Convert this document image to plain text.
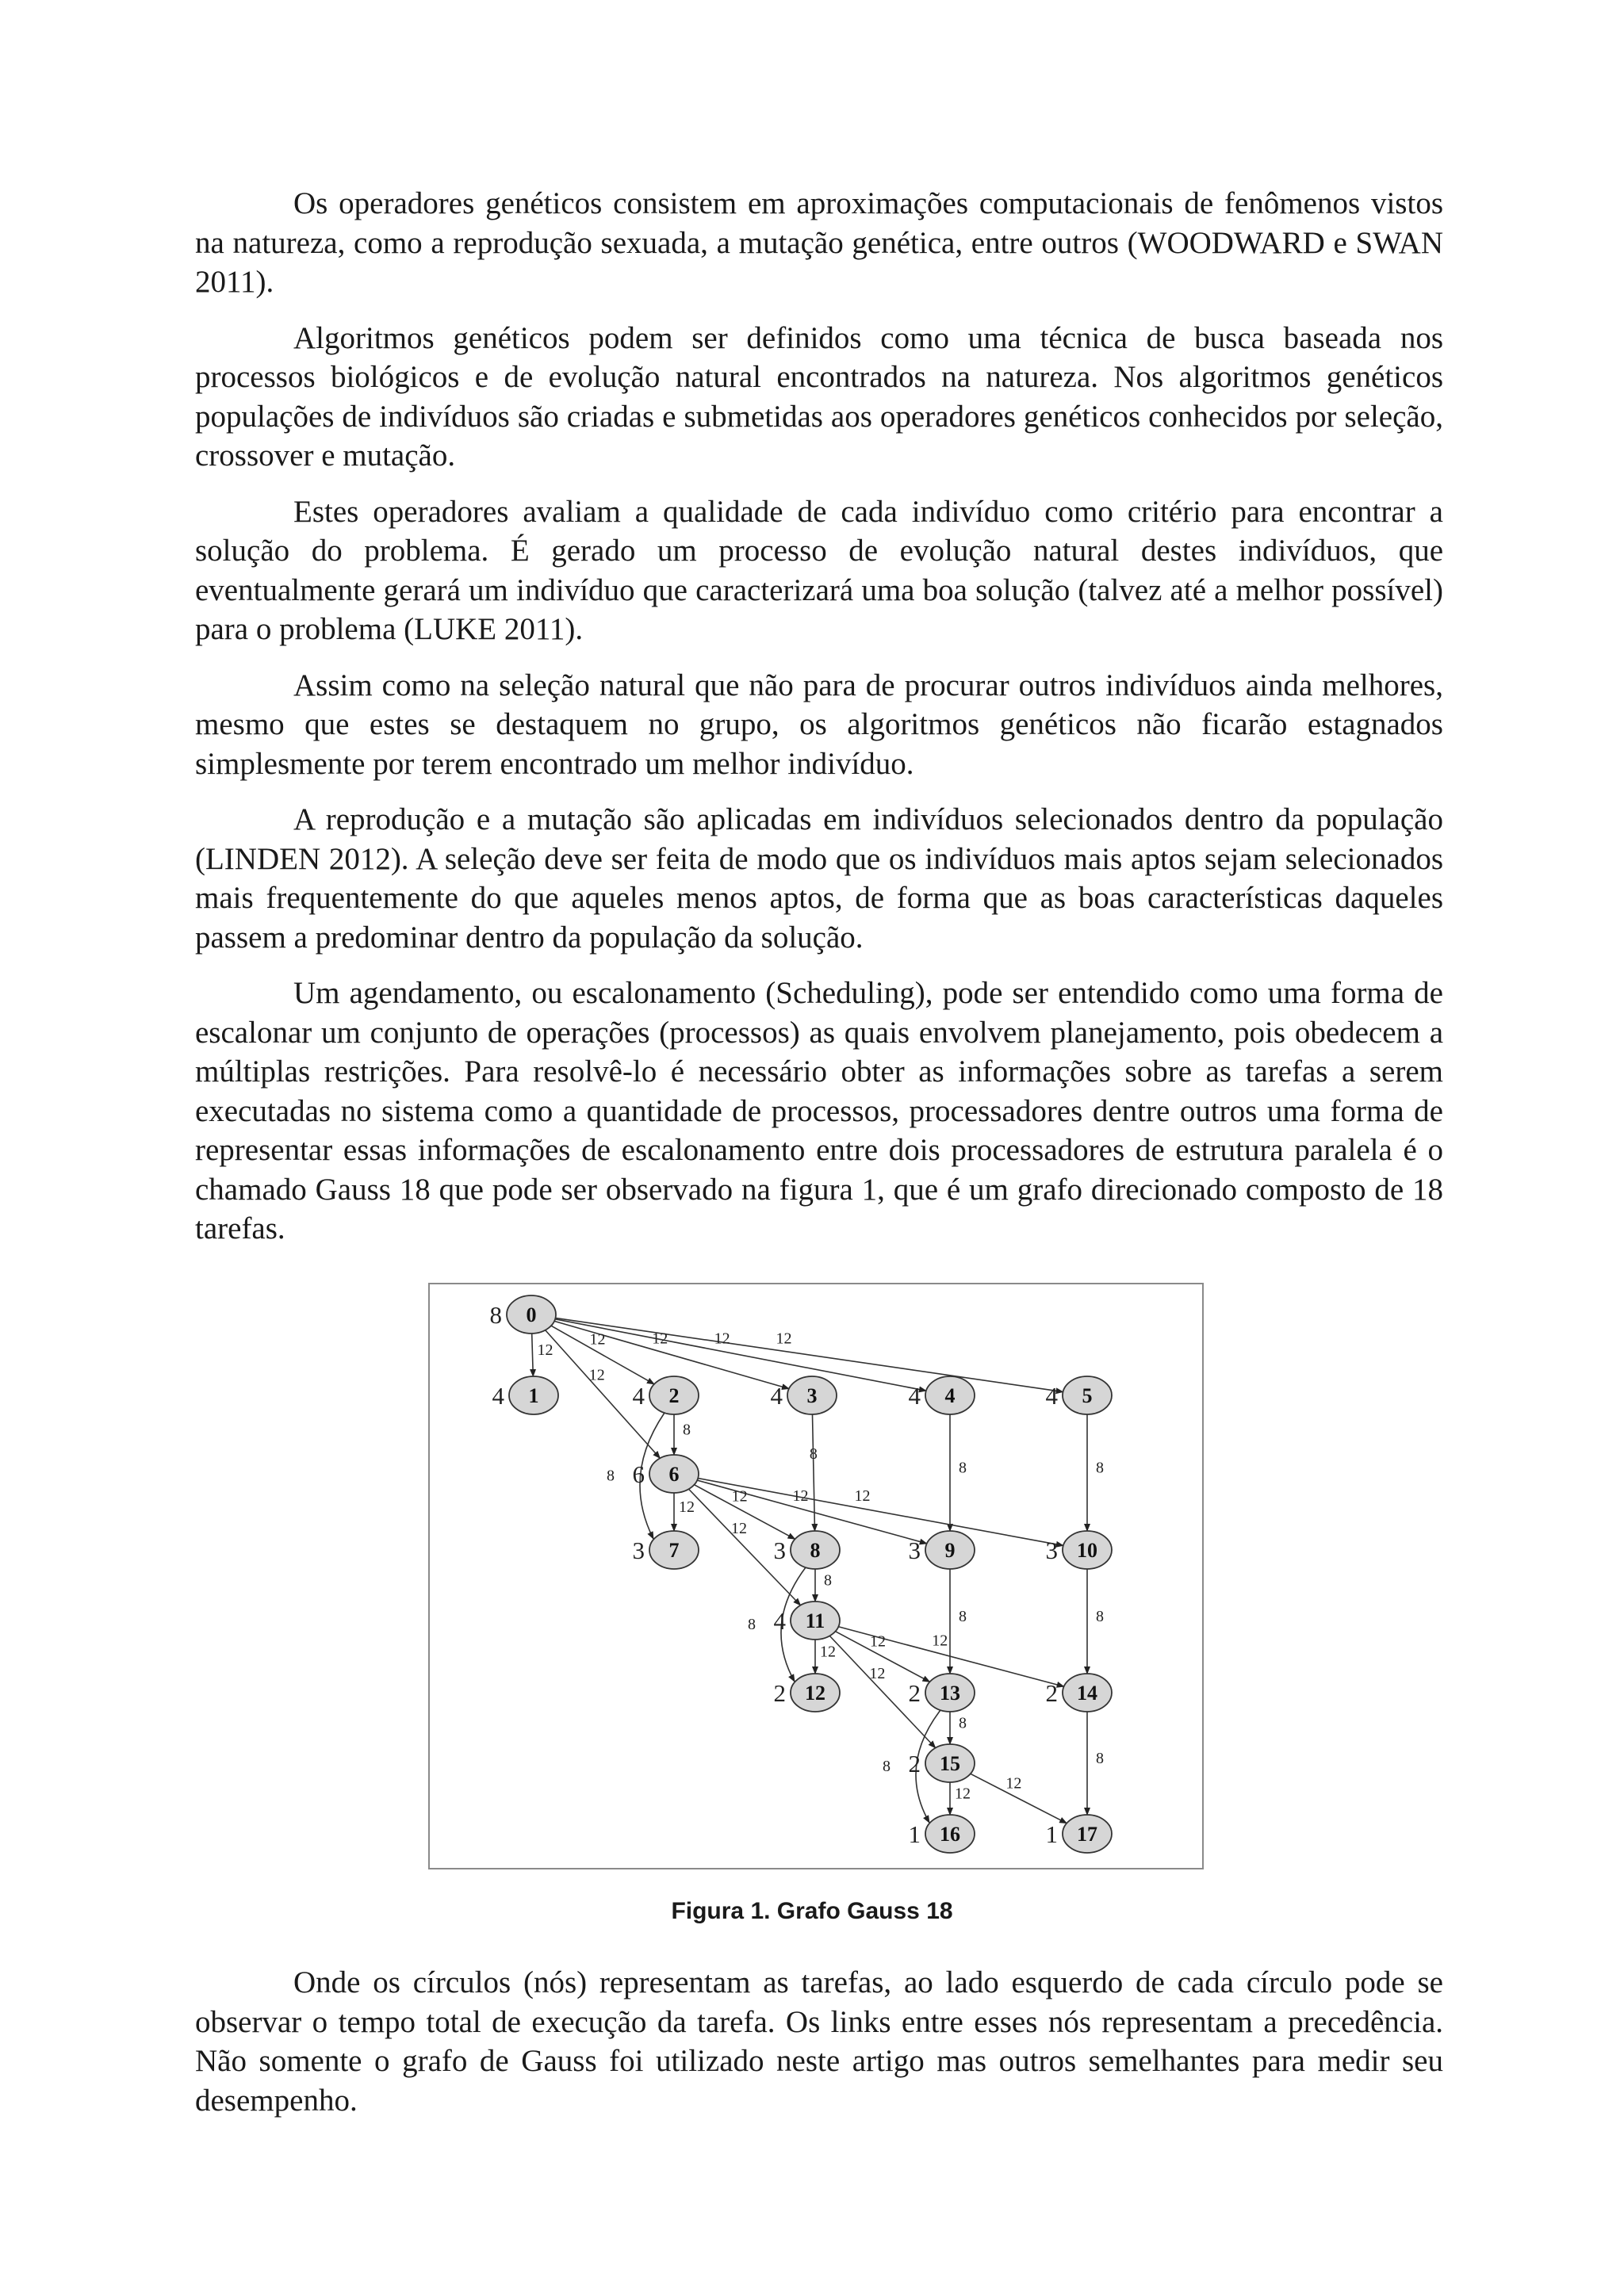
Os operadores genéticos consistem em aproximações computacionais de fenômenos vistos na natureza, como a reprodução sexuada, a mutação genética, entre outros (WOODWARD e SWAN 2011).

Algoritmos genéticos podem ser definidos como uma técnica de busca baseada nos processos biológicos e de evolução natural encontrados na natureza. Nos algoritmos genéticos populações de indivíduos são criadas e submetidas aos operadores genéticos conhecidos por seleção, crossover e mutação.

Estes operadores avaliam a qualidade de cada indivíduo como critério para encontrar a solução do problema. É gerado um processo de evolução natural destes indivíduos, que eventualmente gerará um indivíduo que caracterizará uma boa solução (talvez até a melhor possível) para o problema (LUKE 2011).

Assim como na seleção natural que não para de procurar outros indivíduos ainda melhores, mesmo que estes se destaquem no grupo, os algoritmos genéticos não ficarão estagnados simplesmente por terem encontrado um melhor indivíduo.

A reprodução e a mutação são aplicadas em indivíduos selecionados dentro da população (LINDEN 2012). A seleção deve ser feita de modo que os indivíduos mais aptos sejam selecionados mais frequentemente do que aqueles menos aptos, de forma que as boas características daqueles passem a predominar dentro da população da solução.

Um agendamento, ou escalonamento (Scheduling), pode ser entendido como uma forma de escalonar um conjunto de operações (processos) as quais envolvem planejamento, pois obedecem a múltiplas restrições. Para resolvê-lo é necessário obter as informações sobre as tarefas a serem executadas no sistema como a quantidade de processos, processadores dentre outros uma forma de representar essas informações de escalonamento entre dois processadores de estrutura paralela é o chamado Gauss 18 que pode ser observado na figura 1, que é um grafo direcionado composto de 18 tarefas.

12
12	12	12	12
12
8
8
8
8	8
12
12	12	12
12
8
8	8	8
12
12	12
12
8
8	8
12
12
0
8
1
4	2
4	3
4	4
4	5
4
6
6
7
3	8
3	9
3	10
3
11
4
12
2	13
2	14
2
15
2
16
1	17
1
Figura 1. Grafo Gauss 18

Onde os círculos (nós) representam as tarefas, ao lado esquerdo de cada círculo pode se observar o tempo total de execução da tarefa. Os links entre esses nós representam a precedência. Não somente o grafo de Gauss foi utilizado neste artigo mas outros semelhantes para medir seu desempenho.
